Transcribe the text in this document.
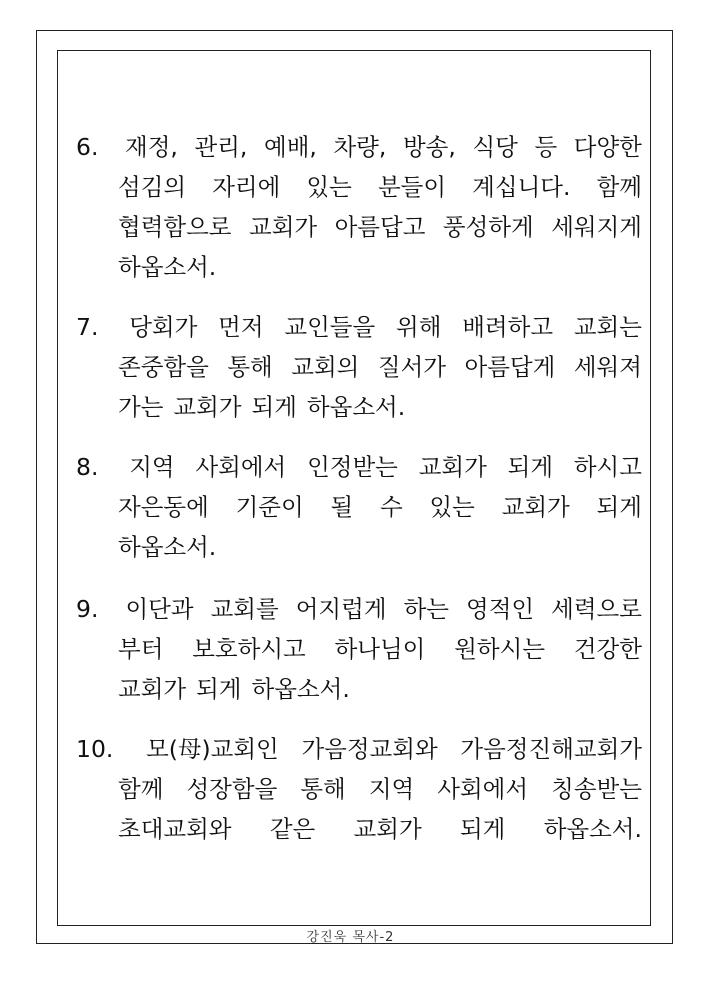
6. 재정, 관리, 예배, 차량, 방송, 식당 등 다양한
섬김의 자리에 있는 분들이 계십니다. 함께
협력함으로 교회가 아름답고 풍성하게 세워지게
하옵소서.
7. 당회가 먼저 교인들을 위해 배려하고 교회는
존중함을 통해 교회의 질서가 아름답게 세워져
가는 교회가 되게 하옵소서.
8. 지역 사회에서 인정받는 교회가 되게 하시고
자은동에 기준이 될 수 있는 교회가 되게
하옵소서.
9. 이단과 교회를 어지럽게 하는 영적인 세력으로
부터 보호하시고 하나님이 원하시는 건강한
교회가 되게 하옵소서.
10. 모(母)교회인 가음정교회와 가음정진해교회가
함께 성장함을 통해 지역 사회에서 칭송받는
초대교회와 같은 교회가 되게 하옵소서.
강진욱 목사-2
